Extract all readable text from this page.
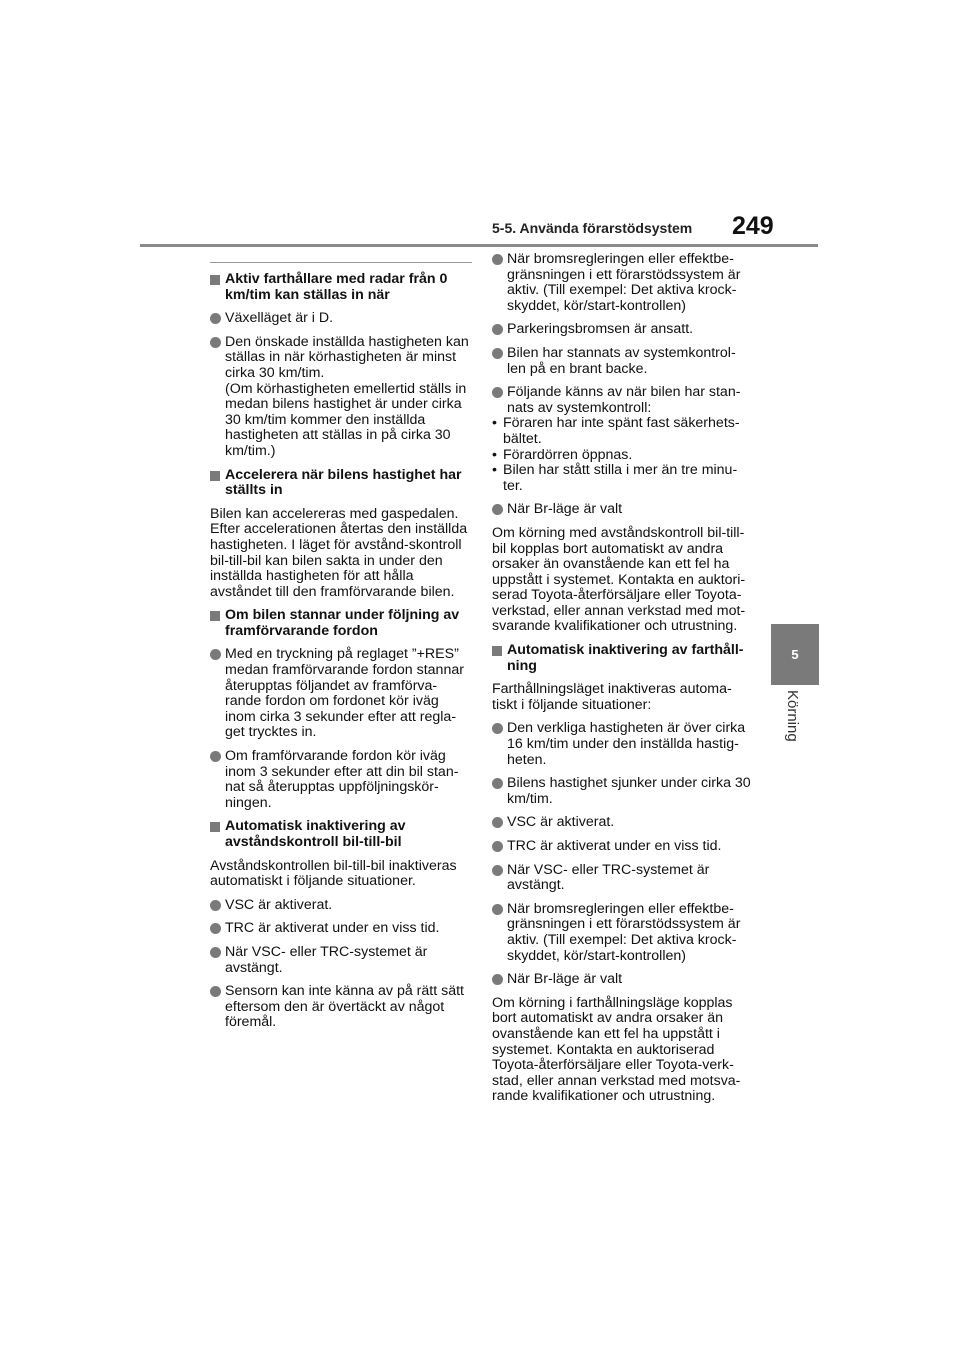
5-5. Använda förarstödsystem 249
5
Körning
Aktiv farthållare med radar från 0 km/tim kan ställas in när
Växelläget är i D.
Den önskade inställda hastigheten kan ställas in när körhastigheten är minst cirka 30 km/tim.
(Om körhastigheten emellertid ställs in medan bilens hastighet är under cirka 30 km/tim kommer den inställda hastigheten att ställas in på cirka 30 km/tim.)
Accelerera när bilens hastighet har ställts in
Bilen kan accelereras med gaspedalen. Efter accelerationen återtas den inställda hastigheten. I läget för avstånd-skontroll bil-till-bil kan bilen sakta in under den inställda hastigheten för att hålla avståndet till den framförvarande bilen.
Om bilen stannar under följning av framförvarande fordon
Med en tryckning på reglaget ”+RES” medan framförvarande fordon stannar återupptas följandet av framförva-rande fordon om fordonet kör iväg inom cirka 3 sekunder efter att regla-get trycktes in.
Om framförvarande fordon kör iväg inom 3 sekunder efter att din bil stan-nat så återupptas uppföljningskör-ningen.
Automatisk inaktivering av avståndskontroll bil-till-bil
Avståndskontrollen bil-till-bil inaktiveras automatiskt i följande situationer.
VSC är aktiverat.
TRC är aktiverat under en viss tid.
När VSC- eller TRC-systemet är avstängt.
Sensorn kan inte känna av på rätt sätt eftersom den är övertäckt av något föremål.
När bromsregleringen eller effektbe-gränsningen i ett förarstödssystem är aktiv. (Till exempel: Det aktiva krock-skyddet, kör/start-kontrollen)
Parkeringsbromsen är ansatt.
Bilen har stannats av systemkontrol-len på en brant backe.
Följande känns av när bilen har stan-nats av systemkontroll:
• Föraren har inte spänt fast säkerhets-bältet.
• Förardörren öppnas.
• Bilen har stått stilla i mer än tre minu-ter.
När Br-läge är valt
Om körning med avståndskontroll bil-till-bil kopplas bort automatiskt av andra orsaker än ovanstående kan ett fel ha uppstått i systemet. Kontakta en auktori-serad Toyota-återförsäljare eller Toyota-verkstad, eller annan verkstad med mot-svarande kvalifikationer och utrustning.
Automatisk inaktivering av farthåll-ning
Farthållningsläget inaktiveras automa-tiskt i följande situationer:
Den verkliga hastigheten är över cirka 16 km/tim under den inställda hastig-heten.
Bilens hastighet sjunker under cirka 30 km/tim.
VSC är aktiverat.
TRC är aktiverat under en viss tid.
När VSC- eller TRC-systemet är avstängt.
När bromsregleringen eller effektbe-gränsningen i ett förarstödssystem är aktiv. (Till exempel: Det aktiva krock-skyddet, kör/start-kontrollen)
När Br-läge är valt
Om körning i farthållningsläge kopplas bort automatiskt av andra orsaker än ovanstående kan ett fel ha uppstått i systemet. Kontakta en auktoriserad Toyota-återförsäljare eller Toyota-verk-stad, eller annan verkstad med motsva-rande kvalifikationer och utrustning.
